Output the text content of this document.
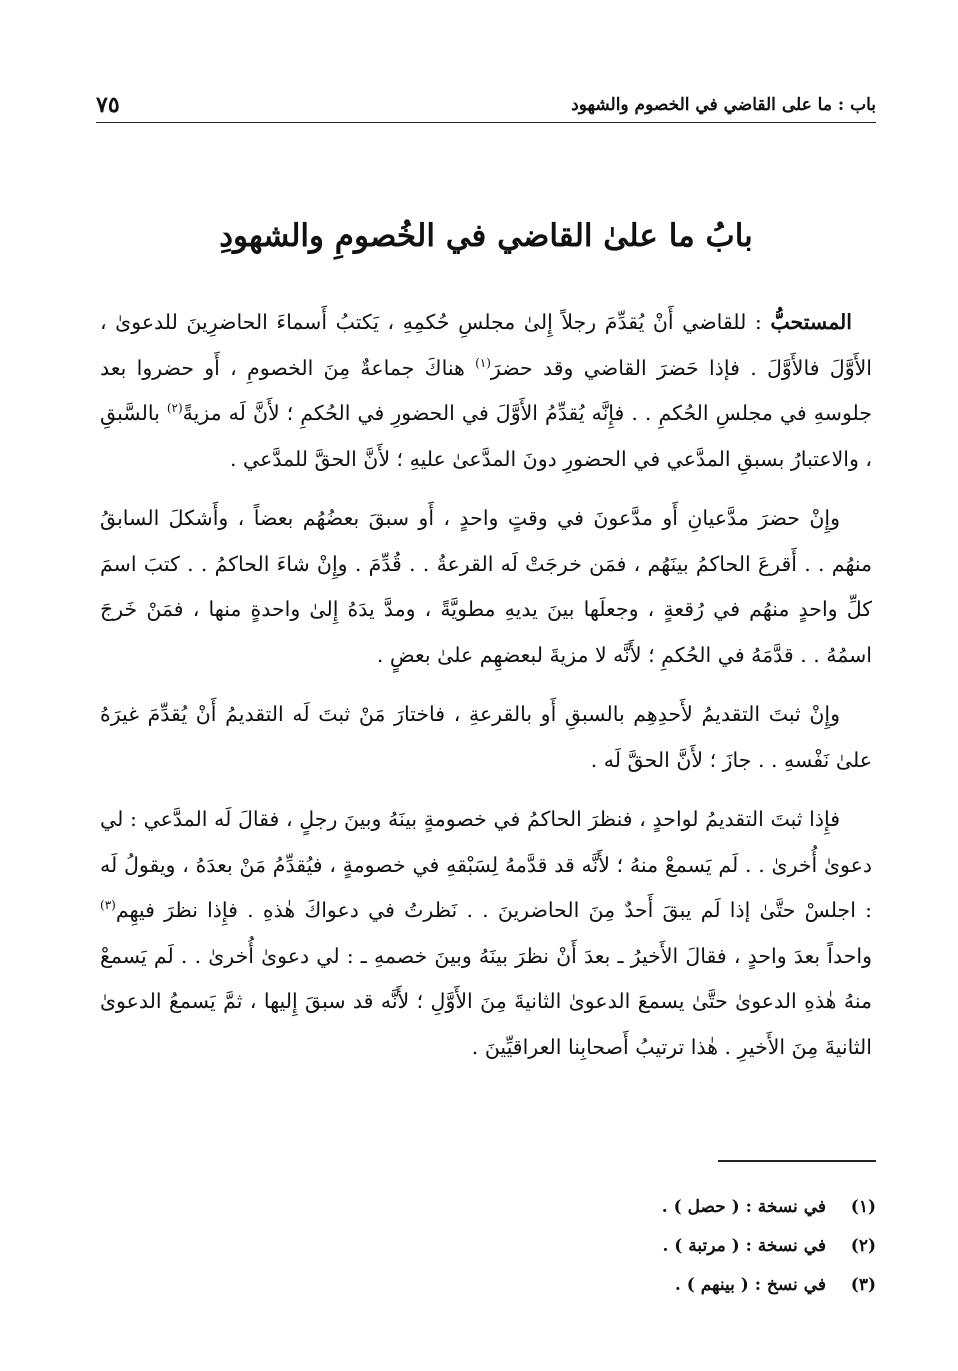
باب : ما على القاضي في الخصوم والشهود
٧٥
بابُ ما علىٰ القاضي في الخُصومِ والشهودِ

المستحبُّ : للقاضي أَنْ يُقدِّمَ رجلاً إِلىٰ مجلسِ حُكمِهِ ، يَكتبُ أَسماءَ الحاضرِينَ للدعوىٰ ، الأَوَّلَ فالأَوَّلَ . فإذا حَضرَ القاضي وقد حضرَ$^{(١)}$ هناكَ جماعةٌ مِنَ الخصومِ ، أَو حضروا بعد جلوسهِ في مجلسِ الحُكمِ . . فإِنَّه يُقدِّمُ الأَوَّلَ في الحضورِ في الحُكمِ ؛ لأَنَّ لَه مزيةً$^{(٢)}$ بالسَّبقِ ، والاعتبارُ بسبقِ المدَّعي في الحضورِ دونَ المدَّعىٰ عليهِ ؛ لأَنَّ الحقَّ للمدَّعي .

وإِنْ حضرَ مدَّعيانِ أَو مدَّعونَ في وقتٍ واحدٍ ، أَو سبقَ بعضُهُم بعضاً ، وأَشكلَ السابقُ منهُم . . أَقرعَ الحاكمُ بينَهُم ، فمَن خرجَتْ لَه القرعةُ . . قُدِّمَ . وإِنْ شاءَ الحاكمُ . . كتبَ اسمَ كلِّ واحدٍ منهُم في رُقعةٍ ، وجعلَها بينَ يديهِ مطويَّةً ، ومدَّ يدَهُ إِلىٰ واحدةٍ منها ، فمَنْ خَرجَ اسمُهُ . . قدَّمَهُ في الحُكمِ ؛ لأَنَّه لا مزيةَ لبعضهِم علىٰ بعضٍ .

وإِنْ ثبتَ التقديمُ لأَحدِهِم بالسبقِ أَو بالقرعةِ ، فاختارَ مَنْ ثبتَ لَه التقديمُ أَنْ يُقدِّمَ غيرَهُ علىٰ نَفْسهِ . . جازَ ؛ لأَنَّ الحقَّ لَه .

فإِذا ثبتَ التقديمُ لواحدٍ ، فنظرَ الحاكمُ في خصومةٍ بينَهُ وبينَ رجلٍ ، فقالَ لَه المدَّعي : لي دعوىٰ أُخرىٰ . . لَم يَسمعْ منهُ ؛ لأَنَّه قد قدَّمهُ لِسَبْقهِ في خصومةٍ ، فيُقدِّمُ مَنْ بعدَهُ ، ويقولُ لَه : اجلسْ حتَّىٰ إذا لَم يبقَ أَحدٌ مِنَ الحاضرينَ . . نَظرتُ في دعواكَ هٰذهِ . فإِذا نظرَ فيهِم$^{(٣)}$ واحداً بعدَ واحدٍ ، فقالَ الأَخيرُ ـ بعدَ أَنْ نظرَ بينَهُ وبينَ خصمهِ ـ : لي دعوىٰ أُخرىٰ . . لَم يَسمعْ منهُ هٰذهِ الدعوىٰ حتَّىٰ يسمعَ الدعوىٰ الثانيةَ مِنَ الأَوَّلِ ؛ لأَنَّه قد سبقَ إِليها ، ثمَّ يَسمعُ الدعوىٰ الثانيةَ مِنَ الأَخيرِ . هٰذا ترتيبُ أَصحابِنا العراقيِّينَ .

(١)
في نسخة : ( حصل ) .
(٢)
في نسخة : ( مرتبة ) .
(٣)
في نسخ : ( بينهم ) .
